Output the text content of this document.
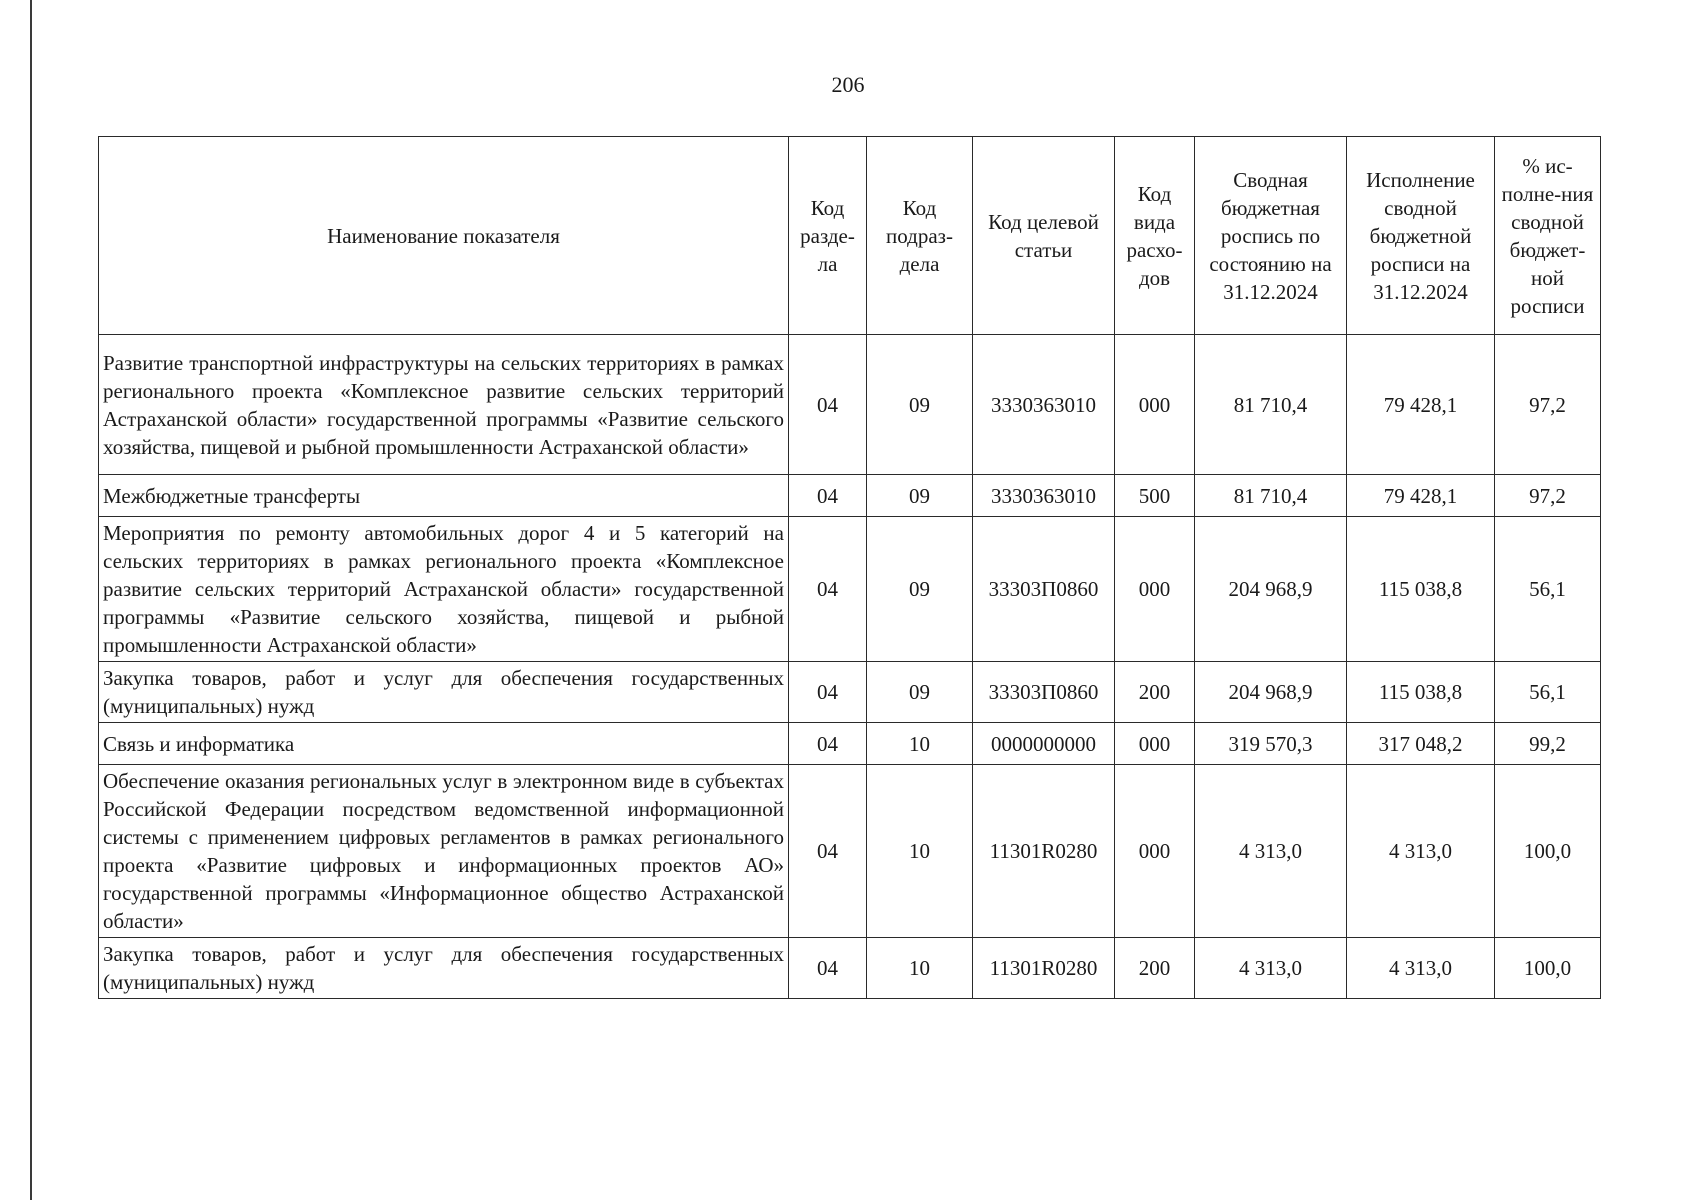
206
Наименование показателя	Код разде-ла	Код подраз-дела	Код целевой статьи	Код вида расхо-дов	Сводная бюджетная роспись по состоянию на 31.12.2024	Исполнение сводной бюджетной росписи на 31.12.2024	% ис-полне-ния сводной бюджет-ной росписи
Развитие транспортной инфраструктуры на сельских территориях в рамках регионального проекта «Комплексное развитие сельских территорий Астраханской области» государственной программы «Развитие сельского хозяйства, пищевой и рыбной промышленности Астраханской области»	04	09	3330363010	000	81 710,4	79 428,1	97,2
Межбюджетные трансферты	04	09	3330363010	500	81 710,4	79 428,1	97,2
Мероприятия по ремонту автомобильных дорог 4 и 5 категорий на сельских территориях в рамках регионального проекта «Комплексное развитие сельских территорий Астраханской области» государственной программы «Развитие сельского хозяйства, пищевой и рыбной промышленности Астраханской области»	04	09	33303П0860	000	204 968,9	115 038,8	56,1
Закупка товаров, работ и услуг для обеспечения государственных (муниципальных) нужд	04	09	33303П0860	200	204 968,9	115 038,8	56,1
Связь и информатика	04	10	0000000000	000	319 570,3	317 048,2	99,2
Обеспечение оказания региональных услуг в электронном виде в субъектах Российской Федерации посредством ведомственной информационной системы с применением цифровых регламентов в рамках регионального проекта «Развитие цифровых и информационных проектов АО» государственной программы «Информационное общество Астраханской области»	04	10	11301R0280	000	4 313,0	4 313,0	100,0
Закупка товаров, работ и услуг для обеспечения государственных (муниципальных) нужд	04	10	11301R0280	200	4 313,0	4 313,0	100,0
